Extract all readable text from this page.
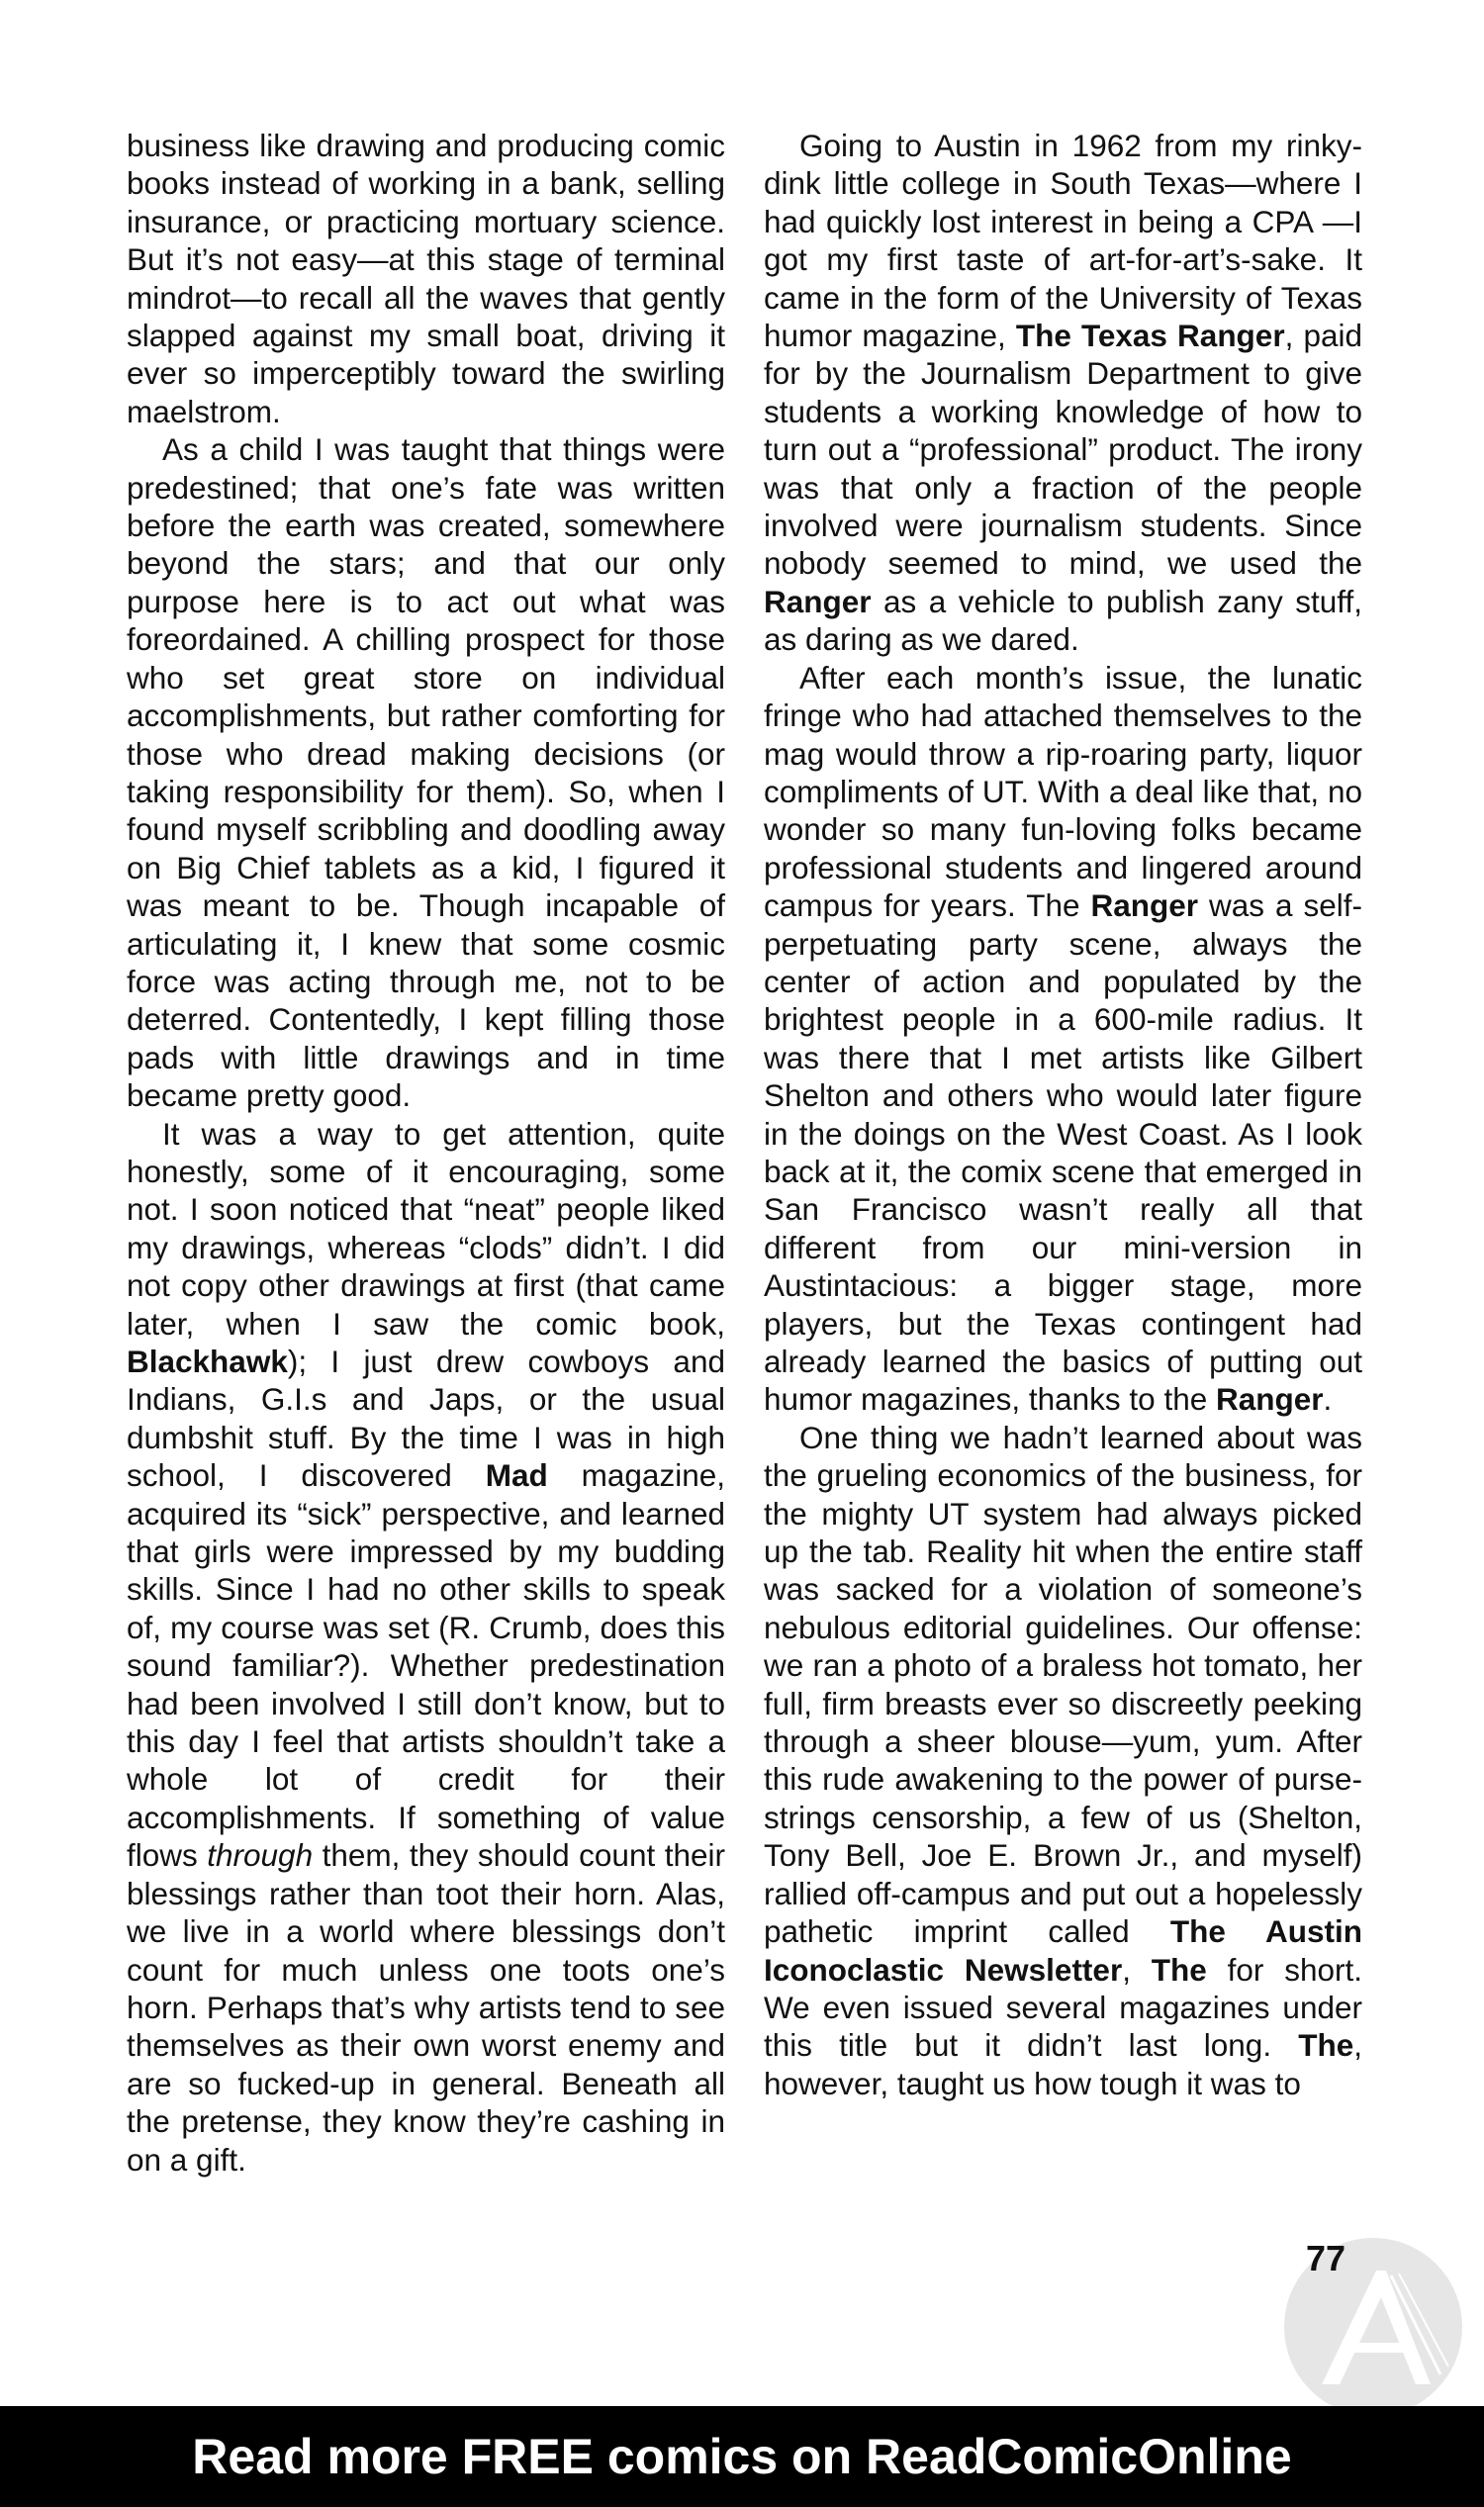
business like drawing and producing comic books instead of working in a bank, selling insurance, or practicing mortuary science. But it’s not easy—at this stage of terminal mindrot—to recall all the waves that gently slapped against my small boat, driving it ever so imperceptibly toward the swirling maelstrom.

As a child I was taught that things were predestined; that one’s fate was written before the earth was created, somewhere beyond the stars; and that our only purpose here is to act out what was foreordained. A chilling prospect for those who set great store on individual accomplishments, but rather comforting for those who dread making decisions (or taking responsibility for them). So, when I found myself scribbling and doodling away on Big Chief tablets as a kid, I figured it was meant to be. Though incapable of articulating it, I knew that some cosmic force was acting through me, not to be deterred. Contentedly, I kept filling those pads with little drawings and in time became pretty good.

It was a way to get attention, quite honestly, some of it encouraging, some not. I soon noticed that “neat” people liked my drawings, whereas “clods” didn’t. I did not copy other drawings at first (that came later, when I saw the comic book, Blackhawk); I just drew cowboys and Indians, G.I.s and Japs, or the usual dumbshit stuff. By the time I was in high school, I discovered Mad magazine, acquired its “sick” perspective, and learned that girls were impressed by my budding skills. Since I had no other skills to speak of, my course was set (R. Crumb, does this sound familiar?). Whether predestination had been involved I still don’t know, but to this day I feel that artists shouldn’t take a whole lot of credit for their accomplishments. If something of value flows through them, they should count their blessings rather than toot their horn. Alas, we live in a world where blessings don’t count for much unless one toots one’s horn. Perhaps that’s why artists tend to see themselves as their own worst enemy and are so fucked-up in general. Beneath all the pretense, they know they’re cashing in on a gift.

Going to Austin in 1962 from my rinky-dink little college in South Texas—where I had quickly lost interest in being a CPA —I got my first taste of art-for-art’s-sake. It came in the form of the University of Texas humor magazine, The Texas Ranger, paid for by the Journalism Department to give students a working knowledge of how to turn out a “professional” product. The irony was that only a fraction of the people involved were journalism students. Since nobody seemed to mind, we used the Ranger as a vehicle to publish zany stuff, as daring as we dared.

After each month’s issue, the lunatic fringe who had attached themselves to the mag would throw a rip-roaring party, liquor compliments of UT. With a deal like that, no wonder so many fun-loving folks became professional students and lingered around campus for years. The Ranger was a self-perpetuating party scene, always the center of action and populated by the brightest people in a 600-mile radius. It was there that I met artists like Gilbert Shelton and others who would later figure in the doings on the West Coast. As I look back at it, the comix scene that emerged in San Francisco wasn’t really all that different from our mini-version in Austintacious: a bigger stage, more players, but the Texas contingent had already learned the basics of putting out humor magazines, thanks to the Ranger.

One thing we hadn’t learned about was the grueling economics of the business, for the mighty UT system had always picked up the tab. Reality hit when the entire staff was sacked for a violation of someone’s nebulous editorial guidelines. Our offense: we ran a photo of a braless hot tomato, her full, firm breasts ever so discreetly peeking through a sheer blouse—yum, yum. After this rude awakening to the power of purse-strings censorship, a few of us (Shelton, Tony Bell, Joe E. Brown Jr., and myself) rallied off-campus and put out a hopelessly pathetic imprint called The Austin Iconoclastic Newsletter, The for short. We even issued several magazines under this title but it didn’t last long. The, however, taught us how tough it was to

77
Read more FREE comics on ReadComicOnline
